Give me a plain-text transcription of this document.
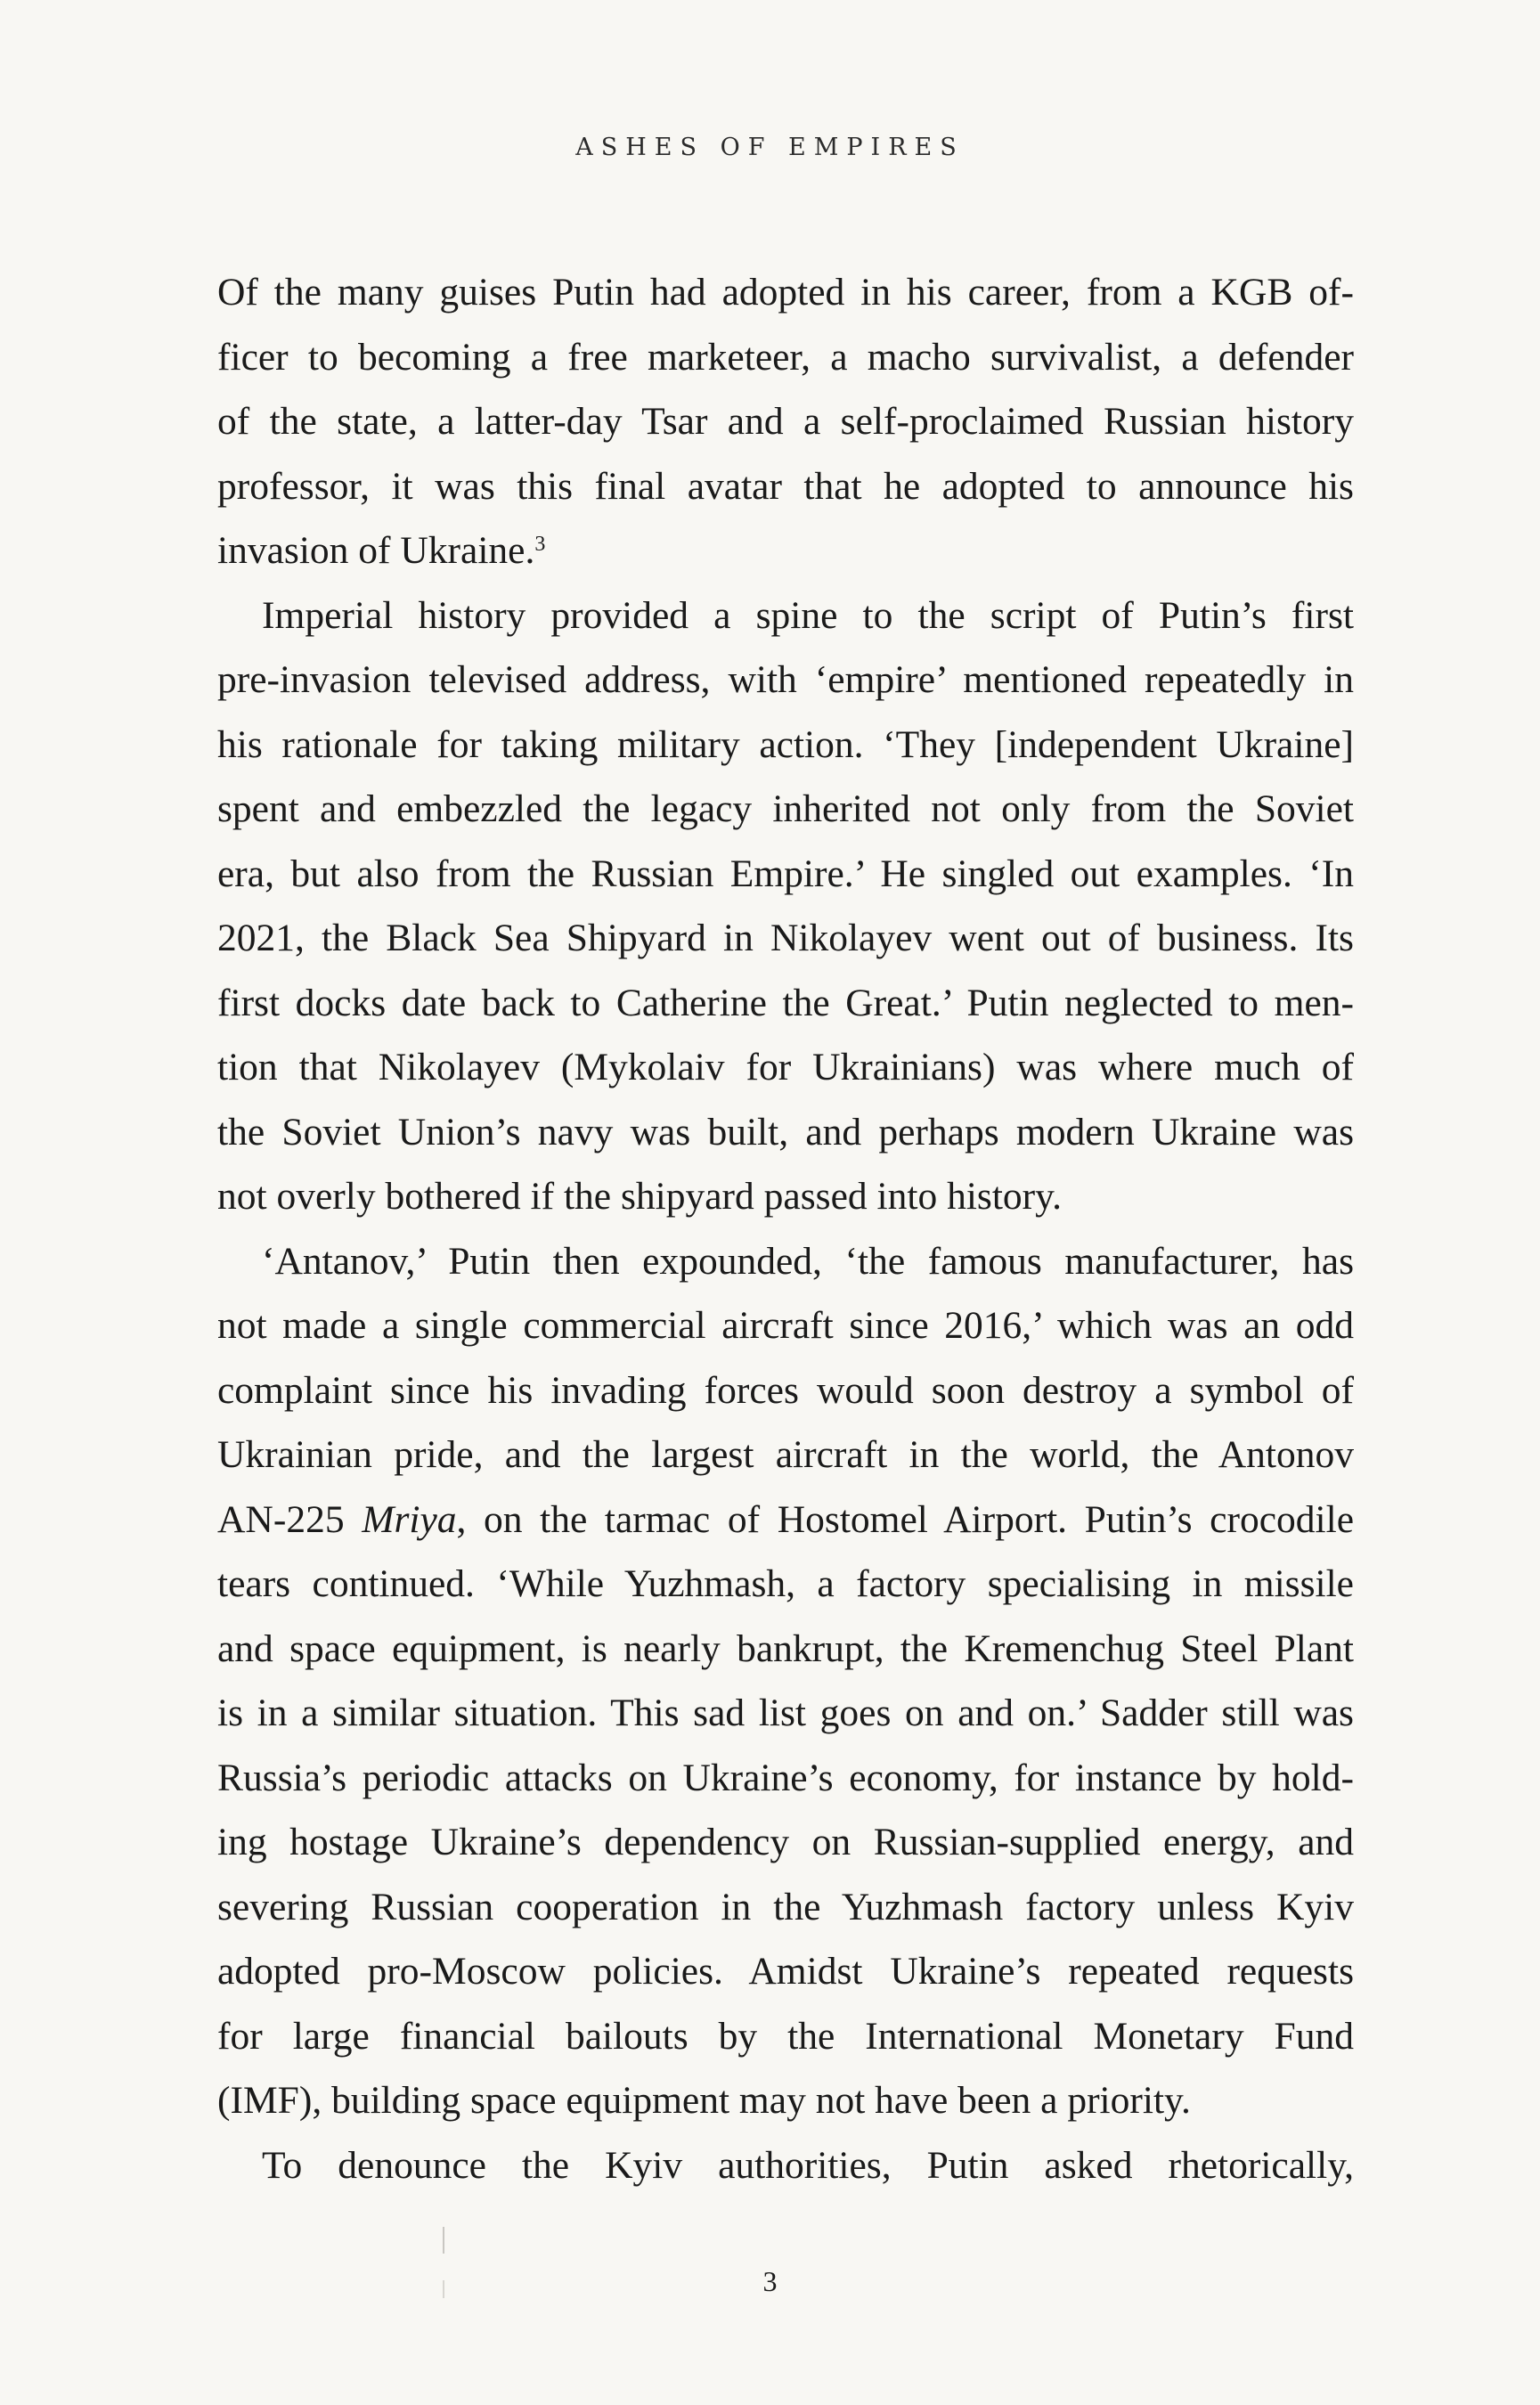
ASHES OF EMPIRES
Of the many guises Putin had adopted in his career, from a KGB of-
ficer to becoming a free marketeer, a macho survivalist, a defender
of the state, a latter-day Tsar and a self-proclaimed Russian history
professor, it was this final avatar that he adopted to announce his
invasion of Ukraine.$^3$
Imperial history provided a spine to the script of Putin’s first
pre-invasion televised address, with ‘empire’ mentioned repeatedly in
his rationale for taking military action. ‘They [independent Ukraine]
spent and embezzled the legacy inherited not only from the Soviet
era, but also from the Russian Empire.’ He singled out examples. ‘In
2021, the Black Sea Shipyard in Nikolayev went out of business. Its
first docks date back to Catherine the Great.’ Putin neglected to men-
tion that Nikolayev (Mykolaiv for Ukrainians) was where much of
the Soviet Union’s navy was built, and perhaps modern Ukraine was
not overly bothered if the shipyard passed into history.
‘Antanov,’ Putin then expounded, ‘the famous manufacturer, has
not made a single commercial aircraft since 2016,’ which was an odd
complaint since his invading forces would soon destroy a symbol of
Ukrainian pride, and the largest aircraft in the world, the Antonov
AN-225 Mriya, on the tarmac of Hostomel Airport. Putin’s crocodile
tears continued. ‘While Yuzhmash, a factory specialising in missile
and space equipment, is nearly bankrupt, the Kremenchug Steel Plant
is in a similar situation. This sad list goes on and on.’ Sadder still was
Russia’s periodic attacks on Ukraine’s economy, for instance by hold-
ing hostage Ukraine’s dependency on Russian-supplied energy, and
severing Russian cooperation in the Yuzhmash factory unless Kyiv
adopted pro-Moscow policies. Amidst Ukraine’s repeated requests
for large financial bailouts by the International Monetary Fund
(IMF), building space equipment may not have been a priority.
To denounce the Kyiv authorities, Putin asked rhetorically,
3
